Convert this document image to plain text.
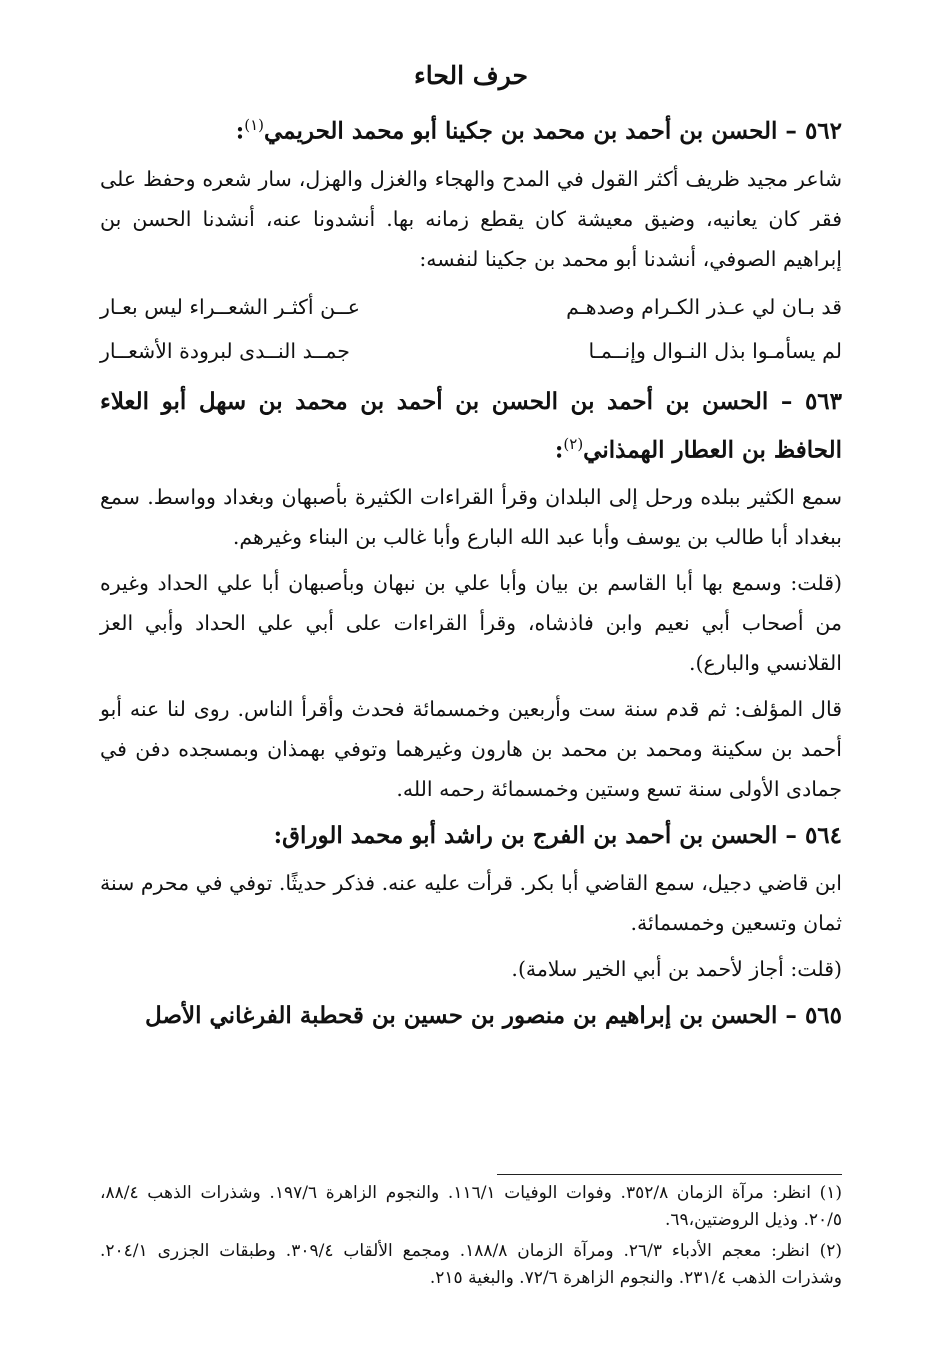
حرف الحاء
٥٦٢ – الحسن بن أحمد بن محمد بن جكينا أبو محمد الحريمي$^{(١)}$:
شاعر مجيد ظريف أكثر القول في المدح والهجاء والغزل والهزل، سار شعره وحفظ على فقر كان يعانيه، وضيق معيشة كان يقطع زمانه بها. أنشدونا عنه، أنشدنا الحسن بن إبراهيم الصوفي، أنشدنا أبو محمد بن جكينا لنفسه:
قد بـان لي عـذر الكـرام وصدهـم
عــن أكثـر الشعــراء ليس بعـار
لم يسأمـوا بذل النـوال وإنــمـا
جمــد النــدى لبرودة الأشعــار
٥٦٣ – الحسن بن أحمد بن الحسن بن أحمد بن محمد بن سهل أبو العلاء الحافظ بن العطار الهمذاني$^{(٢)}$:
سمع الكثير ببلده ورحل إلى البلدان وقرأ القراءات الكثيرة بأصبهان وبغداد وواسط. سمع ببغداد أبا طالب بن يوسف وأبا عبد الله البارع وأبا غالب بن البناء وغيرهم.
(قلت: وسمع بها أبا القاسم بن بيان وأبا علي بن نبهان وبأصبهان أبا علي الحداد وغيره من أصحاب أبي نعيم وابن فاذشاه، وقرأ القراءات على أبي علي الحداد وأبي العز القلانسي والبارع).
قال المؤلف: ثم قدم سنة ست وأربعين وخمسمائة فحدث وأقرأ الناس. روى لنا عنه أبو أحمد بن سكينة ومحمد بن محمد بن هارون وغيرهما وتوفي بهمذان وبمسجده دفن في جمادى الأولى سنة تسع وستين وخمسمائة رحمه الله.
٥٦٤ – الحسن بن أحمد بن الفرج بن راشد أبو محمد الوراق:
ابن قاضي دجيل، سمع القاضي أبا بكر. قرأت عليه عنه. فذكر حديثًا. توفي في محرم سنة ثمان وتسعين وخمسمائة.
(قلت: أجاز لأحمد بن أبي الخير سلامة).
٥٦٥ – الحسن بن إبراهيم بن منصور بن حسين بن قحطبة الفرغاني الأصل
(١) انظر: مرآة الزمان ٣٥٢/٨. وفوات الوفيات ١١٦/١. والنجوم الزاهرة ١٩٧/٦. وشذرات الذهب ٨٨/٤، ٢٠/٥. وذيل الروضتين،٦٩.
(٢) انظر: معجم الأدباء ٢٦/٣. ومرآة الزمان ١٨٨/٨. ومجمع الألقاب ٣٠٩/٤. وطبقات الجزرى ٢٠٤/١. وشذرات الذهب ٢٣١/٤. والنجوم الزاهرة ٧٢/٦. والبغية ٢١٥.
